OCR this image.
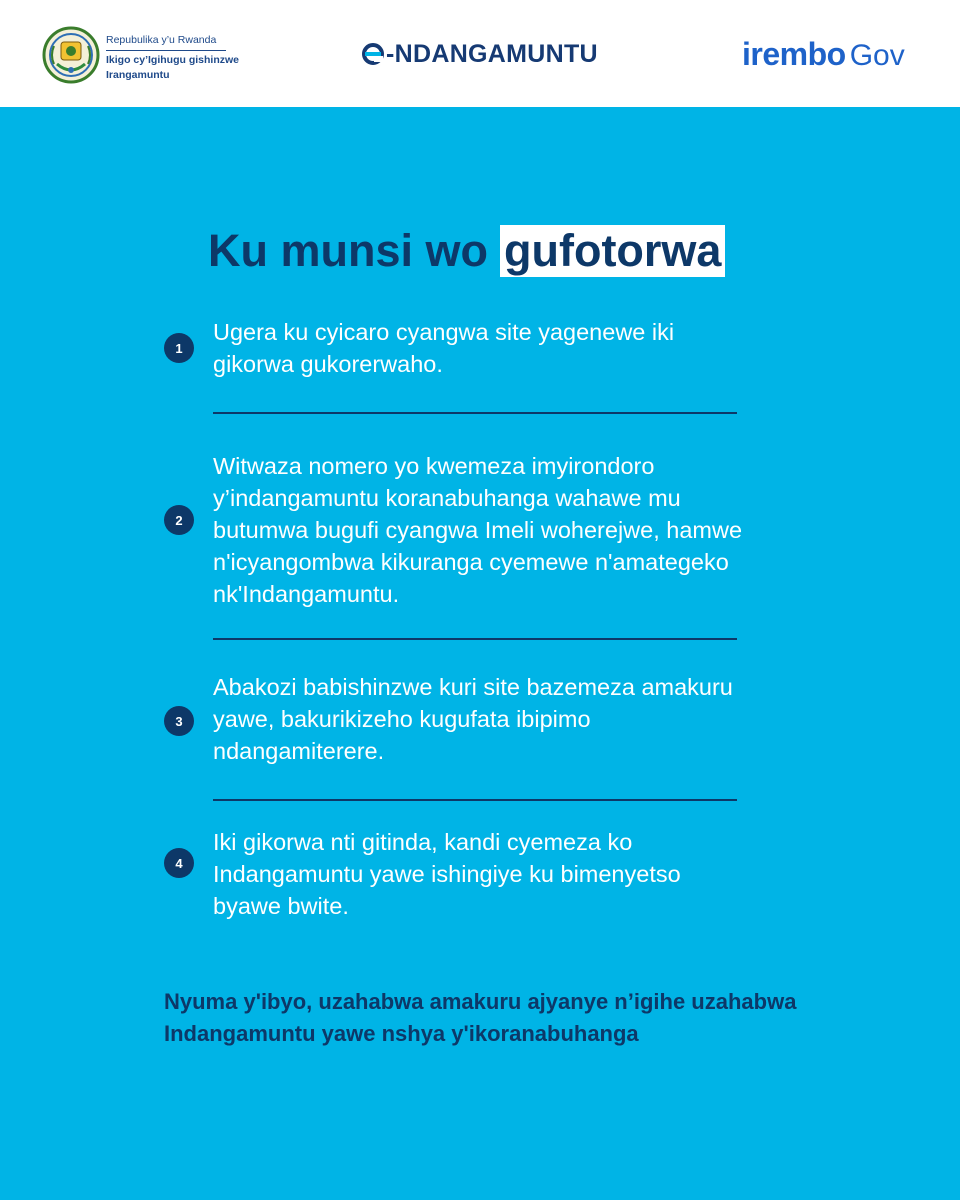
Repubulika y’u Rwanda
Ikigo cy’Igihugu gishinzwe
Irangamuntu
-NDANGAMUNTU	irembo Gov
Ku munsi wo gufotorwa
1
Ugera ku cyicaro cyangwa site yagenewe iki gikorwa gukorerwaho.
2
Witwaza nomero yo kwemeza imyirondoro y’indangamuntu koranabuhanga wahawe mu butumwa bugufi cyangwa Imeli woherejwe, hamwe n'icyangombwa kikuranga cyemewe n'amategeko nk'Indangamuntu.
3
Abakozi babishinzwe kuri site bazemeza amakuru yawe, bakurikizeho kugufata ibipimo ndangamiterere.
4
Iki gikorwa nti gitinda, kandi cyemeza ko Indangamuntu yawe ishingiye ku bimenyetso byawe bwite.
Nyuma y'ibyo, uzahabwa amakuru ajyanye n’igihe uzahabwa Indangamuntu yawe nshya y'ikoranabuhanga
